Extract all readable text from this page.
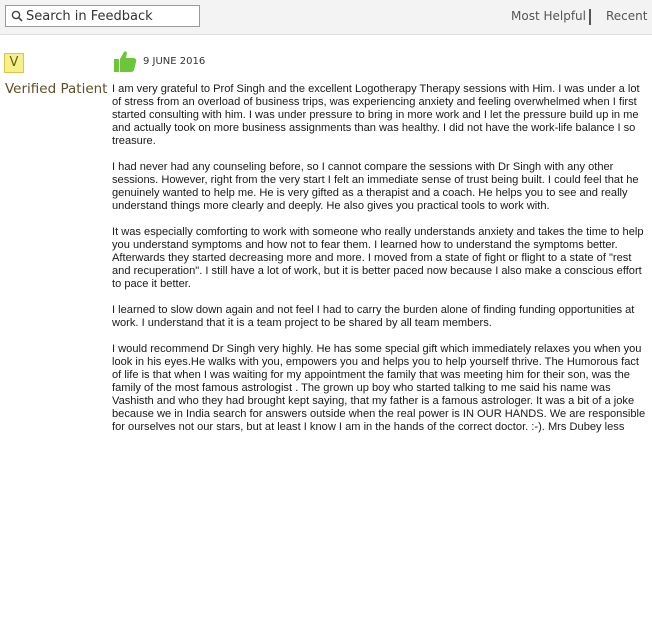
Search in Feedback
Most Helpful Recent
V
Verified Patient
9 JUNE 2016

I am very grateful to Prof Singh and the excellent Logotherapy Therapy sessions with Him. I was under a lot of stress from an overload of business trips, was experiencing anxiety and feeling overwhelmed when I first started consulting with him. I was under pressure to bring in more work and I let the pressure build up in me and actually took on more business assignments than was healthy. I did not have the work-life balance I so treasure.

I had never had any counseling before, so I cannot compare the sessions with Dr Singh with any other sessions. However, right from the very start I felt an immediate sense of trust being built. I could feel that he genuinely wanted to help me. He is very gifted as a therapist and a coach. He helps you to see and really understand things more clearly and deeply. He also gives you practical tools to work with.

It was especially comforting to work with someone who really understands anxiety and takes the time to help you understand symptoms and how not to fear them. I learned how to understand the symptoms better. Afterwards they started decreasing more and more. I moved from a state of fight or flight to a state of "rest and recuperation". I still have a lot of work, but it is better paced now because I also make a conscious effort to pace it better.

I learned to slow down again and not feel I had to carry the burden alone of finding funding opportunities at work. I understand that it is a team project to be shared by all team members.

I would recommend Dr Singh very highly. He has some special gift which immediately relaxes you when you look in his eyes.He walks with you, empowers you and helps you to help yourself thrive. The Humorous fact of life is that when I was waiting for my appointment the family that was meeting him for their son, was the family of the most famous astrologist . The grown up boy who started talking to me said his name was Vashisth and who they had brought kept saying, that my father is a famous astrologer. It was a bit of a joke because we in India search for answers outside when the real power is IN OUR HANDS. We are responsible for ourselves not our stars, but at least I know I am in the hands of the correct doctor. :-). Mrs Dubey less
